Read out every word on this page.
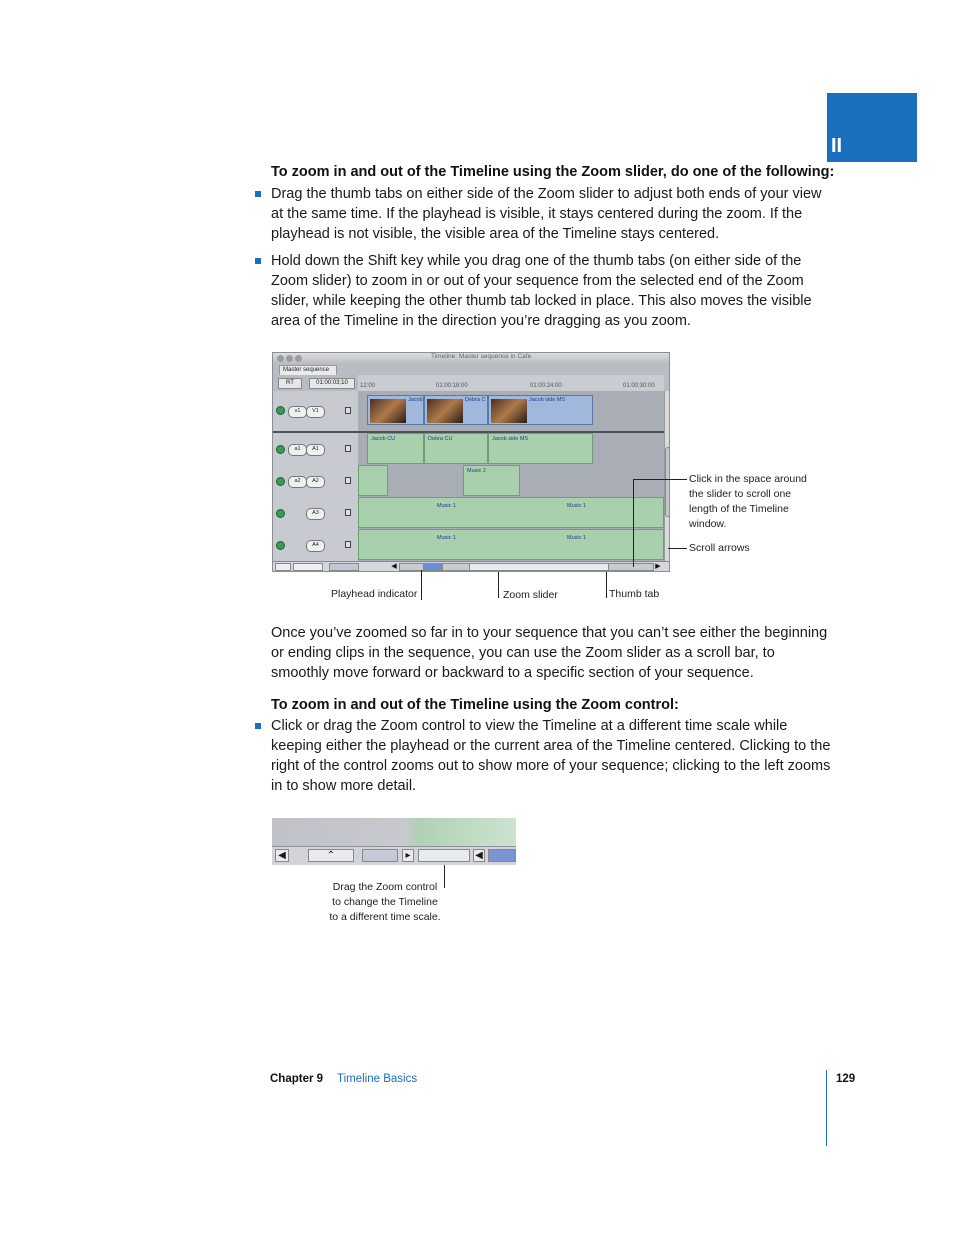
II
To zoom in and out of the Timeline using the Zoom slider, do one of the following:
Drag the thumb tabs on either side of the Zoom slider to adjust both ends of your view at the same time. If the playhead is visible, it stays centered during the zoom. If the playhead is not visible, the visible area of the Timeline stays centered.
Hold down the Shift key while you drag one of the thumb tabs (on either side of the Zoom slider) to zoom in or out of your sequence from the selected end of the Zoom slider, while keeping the other thumb tab locked in place. This also moves the visible area of the Timeline in the direction you’re dragging as you zoom.
Timeline: Master sequence in Cafe
Master sequence
RT	01:00:03;10	12:00	01:00:18:00	01:00:24:00	01:00:30:00
v1	V1
Jacob	Debra C	Jacob side MS
a1	A1
Jacob CU	Debra CU	Jacob side MS
a2	A2
Music 2
A3
Music 1	Music 1
A4
Music 1	Music 1
◀	▶
Click in the space around the slider to scroll one length of the Timeline window.
Scroll arrows
Playhead indicator	Zoom slider	Thumb tab
Once you’ve zoomed so far in to your sequence that you can’t see either the beginning or ending clips in the sequence, you can use the Zoom slider as a scroll bar, to smoothly move forward or backward to a specific section of your sequence.
To zoom in and out of the Timeline using the Zoom control:
Click or drag the Zoom control to view the Timeline at a different time scale while keeping either the playhead or the current area of the Timeline centered. Clicking to the right of the control zooms out to show more of your sequence; clicking to the left zooms in to show more detail.
◀	⌃	▸	◀
Drag the Zoom control
to change the Timeline
to a different time scale.
Chapter 9 Timeline Basics	129
